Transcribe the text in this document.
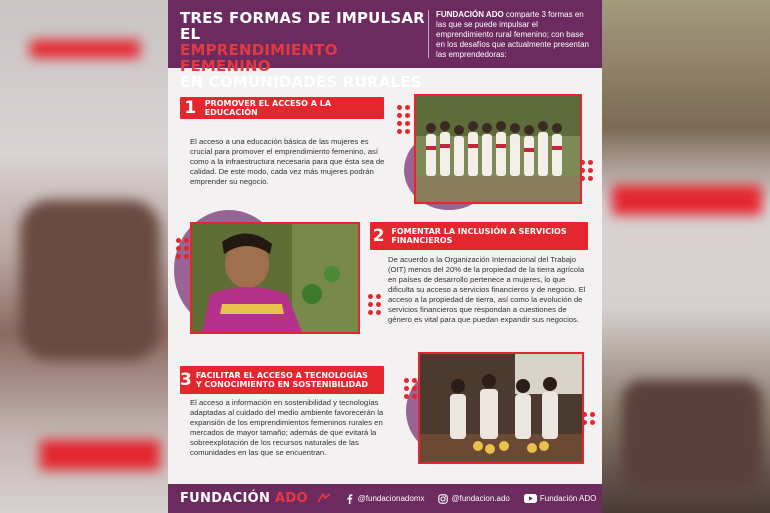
TRES FORMAS DE IMPULSAR EL
EMPRENDIMIENTO FEMENINO
EN COMUNIDADES RURALES
FUNDACIÓN ADO comparte 3 formas en las que se puede impulsar el emprendimiento rural femenino; con base en los desafíos que actualmente presentan las emprendedoras:
1	PROMOVER EL ACCESO A LA EDUCACIÓN
El acceso a una educación básica de las mujeres es crucial para promover el emprendimiento femenino, así como a la infraestructura necesaria para que ésta sea de calidad. De este modo, cada vez más mujeres podrán emprender su negocio.
2 FOMENTAR LA INCLUSIÓN A SERVICIOS FINANCIEROS
De acuerdo a la Organización Internacional del Trabajo (OIT) menos del 20% de la propiedad de la tierra agrícola en países de desarrollo pertenece a mujeres, lo que dificulta su acceso a servicios financieros y de negocio. El acceso a la propiedad de tierra, así como la evolución de servicios financieros que respondan a cuestiones de género es vital para que puedan expandir sus negocios.
3 FACILITAR EL ACCESO A TECNOLOGÍAS Y CONOCIMIENTO EN SOSTENIBILIDAD
El acceso a información en sostenibilidad y tecnologías adaptadas al cuidado del medio ambiente favorecerán la expansión de los emprendimientos femeninos rurales en mercados de mayor tamaño; además de que evitará la sobreexplotación de los recursos naturales de las comunidades en las que se encuentran.
FUNDACIÓN ADO	@fundacionadomx	@fundacion.ado	Fundación ADO
